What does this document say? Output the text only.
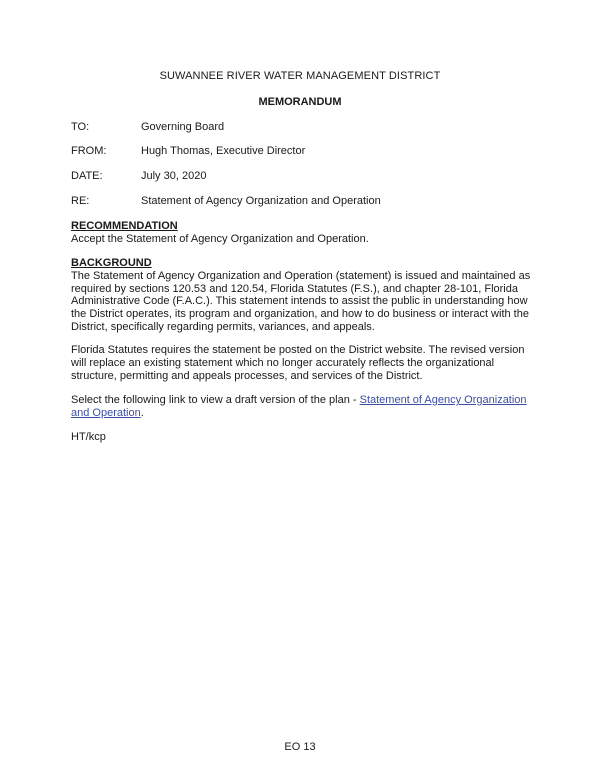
SUWANNEE RIVER WATER MANAGEMENT DISTRICT
MEMORANDUM
TO:	Governing Board
FROM:	Hugh Thomas, Executive Director
DATE:	July 30, 2020
RE:	Statement of Agency Organization and Operation
RECOMMENDATION
Accept the Statement of Agency Organization and Operation.
BACKGROUND
The Statement of Agency Organization and Operation (statement) is issued and maintained as required by sections 120.53 and 120.54, Florida Statutes (F.S.), and chapter 28-101, Florida Administrative Code (F.A.C.). This statement intends to assist the public in understanding how the District operates, its program and organization, and how to do business or interact with the District, specifically regarding permits, variances, and appeals.
Florida Statutes requires the statement be posted on the District website. The revised version will replace an existing statement which no longer accurately reflects the organizational structure, permitting and appeals processes, and services of the District.
Select the following link to view a draft version of the plan - Statement of Agency Organization and Operation.
HT/kcp
EO 13
